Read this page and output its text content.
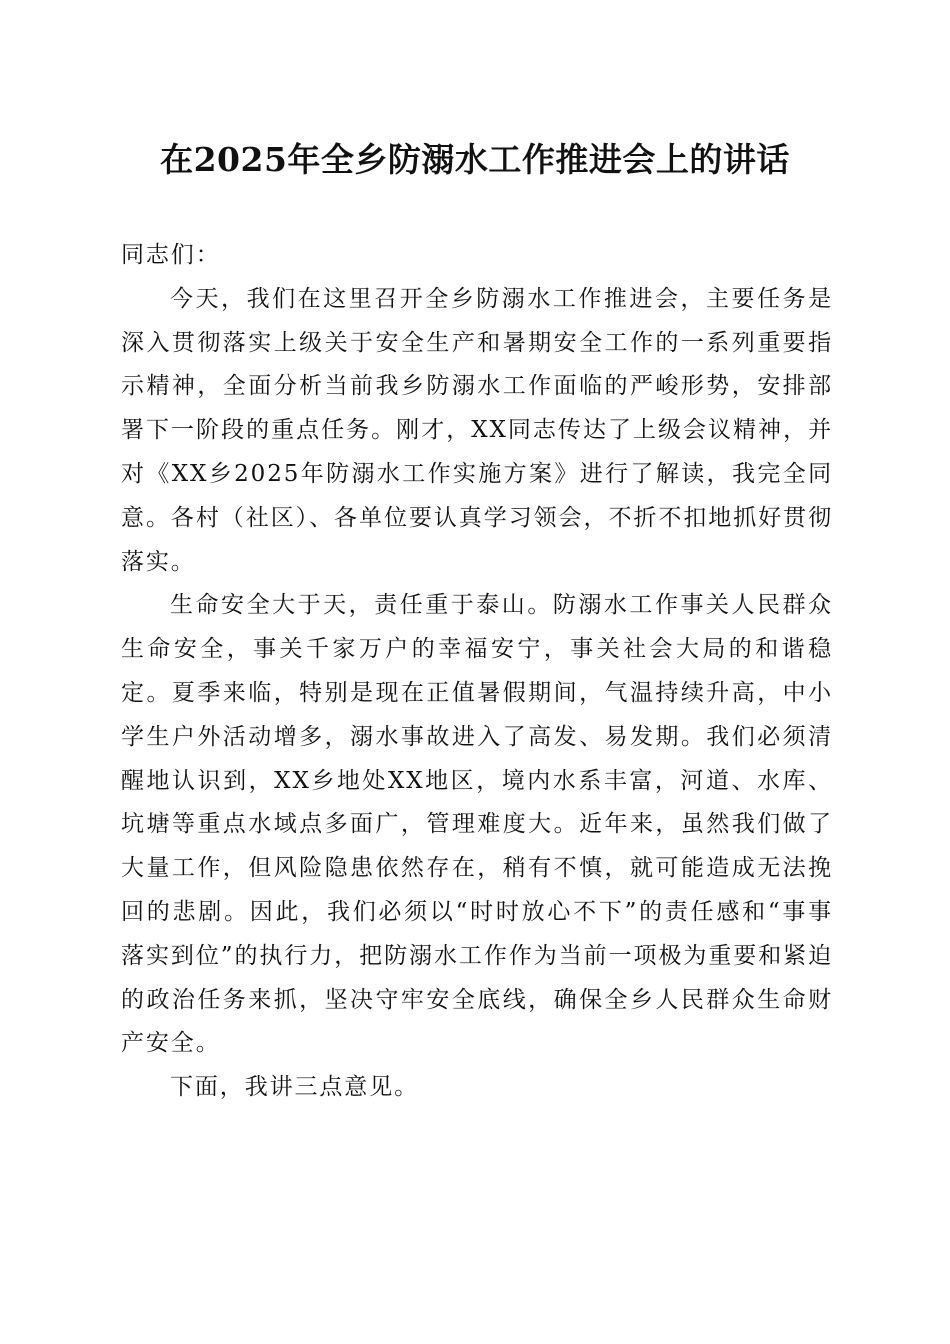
在2025年全乡防溺水工作推进会上的讲话

同志们：

今天，我们在这里召开全乡防溺水工作推进会，主要任务是深入贯彻落实上级关于安全生产和暑期安全工作的一系列重要指示精神，全面分析当前我乡防溺水工作面临的严峻形势，安排部署下一阶段的重点任务。刚才，XX同志传达了上级会议精神，并对《XX乡2025年防溺水工作实施方案》进行了解读，我完全同意。各村（社区）、各单位要认真学习领会，不折不扣地抓好贯彻落实。

生命安全大于天，责任重于泰山。防溺水工作事关人民群众生命安全，事关千家万户的幸福安宁，事关社会大局的和谐稳定。夏季来临，特别是现在正值暑假期间，气温持续升高，中小学生户外活动增多，溺水事故进入了高发、易发期。我们必须清醒地认识到，XX乡地处XX地区，境内水系丰富，河道、水库、坑塘等重点水域点多面广，管理难度大。近年来，虽然我们做了大量工作，但风险隐患依然存在，稍有不慎，就可能造成无法挽回的悲剧。因此，我们必须以“时时放心不下”的责任感和“事事落实到位”的执行力，把防溺水工作作为当前一项极为重要和紧迫的政治任务来抓，坚决守牢安全底线，确保全乡人民群众生命财产安全。

下面，我讲三点意见。
